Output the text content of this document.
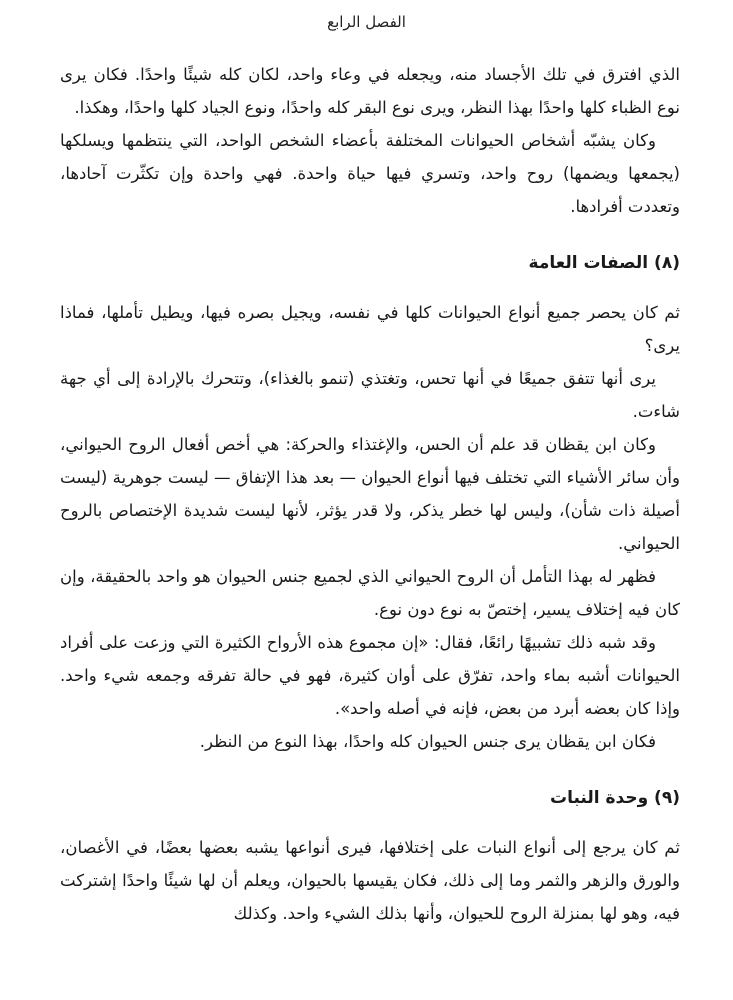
الفصل الرابع

الذي افترق في تلك الأجساد منه، ويجعله في وعاء واحد، لكان كله شيئًا واحدًا. فكان يرى نوع الظباء كلها واحدًا بهذا النظر، ويرى نوع البقر كله واحدًا، ونوع الجياد كلها واحدًا، وهكذا.

وكان يشبّه أشخاص الحيوانات المختلفة بأعضاء الشخص الواحد، التي ينتظمها ويسلكها (يجمعها ويضمها) روح واحد، وتسري فيها حياة واحدة. فهي واحدة وإن تكثّرت آحادها، وتعددت أفرادها.

(٨) الصفات العامة

ثم كان يحصر جميع أنواع الحيوانات كلها في نفسه، ويجيل بصره فيها، ويطيل تأملها، فماذا يرى؟

يرى أنها تتفق جميعًا في أنها تحس، وتغتذي (تنمو بالغذاء)، وتتحرك بالإرادة إلى أي جهة شاءت.

وكان ابن يقظان قد علم أن الحس، والإغتذاء والحركة: هي أخص أفعال الروح الحيواني، وأن سائر الأشياء التي تختلف فيها أنواع الحيوان — بعد هذا الإتفاق — ليست جوهرية (ليست أصيلة ذات شأن)، وليس لها خطر يذكر، ولا قدر يؤثر، لأنها ليست شديدة الإختصاص بالروح الحيواني.

فظهر له بهذا التأمل أن الروح الحيواني الذي لجميع جنس الحيوان هو واحد بالحقيقة، وإن كان فيه إختلاف يسير، إختصّ به نوع دون نوع.

وقد شبه ذلك تشبيهًا رائعًا، فقال: «إن مجموع هذه الأرواح الكثيرة التي وزعت على أفراد الحيوانات أشبه بماء واحد، تفرّق على أوان كثيرة، فهو في حالة تفرقه وجمعه شيء واحد. وإذا كان بعضه أبرد من بعض، فإنه في أصله واحد».

فكان ابن يقظان يرى جنس الحيوان كله واحدًا، بهذا النوع من النظر.

(٩) وحدة النبات

ثم كان يرجع إلى أنواع النبات على إختلافها، فيرى أنواعها يشبه بعضها بعضًا، في الأغصان، والورق والزهر والثمر وما إلى ذلك، فكان يقيسها بالحيوان، ويعلم أن لها شيئًا واحدًا إشتركت فيه، وهو لها بمنزلة الروح للحيوان، وأنها بذلك الشيء واحد. وكذلك
